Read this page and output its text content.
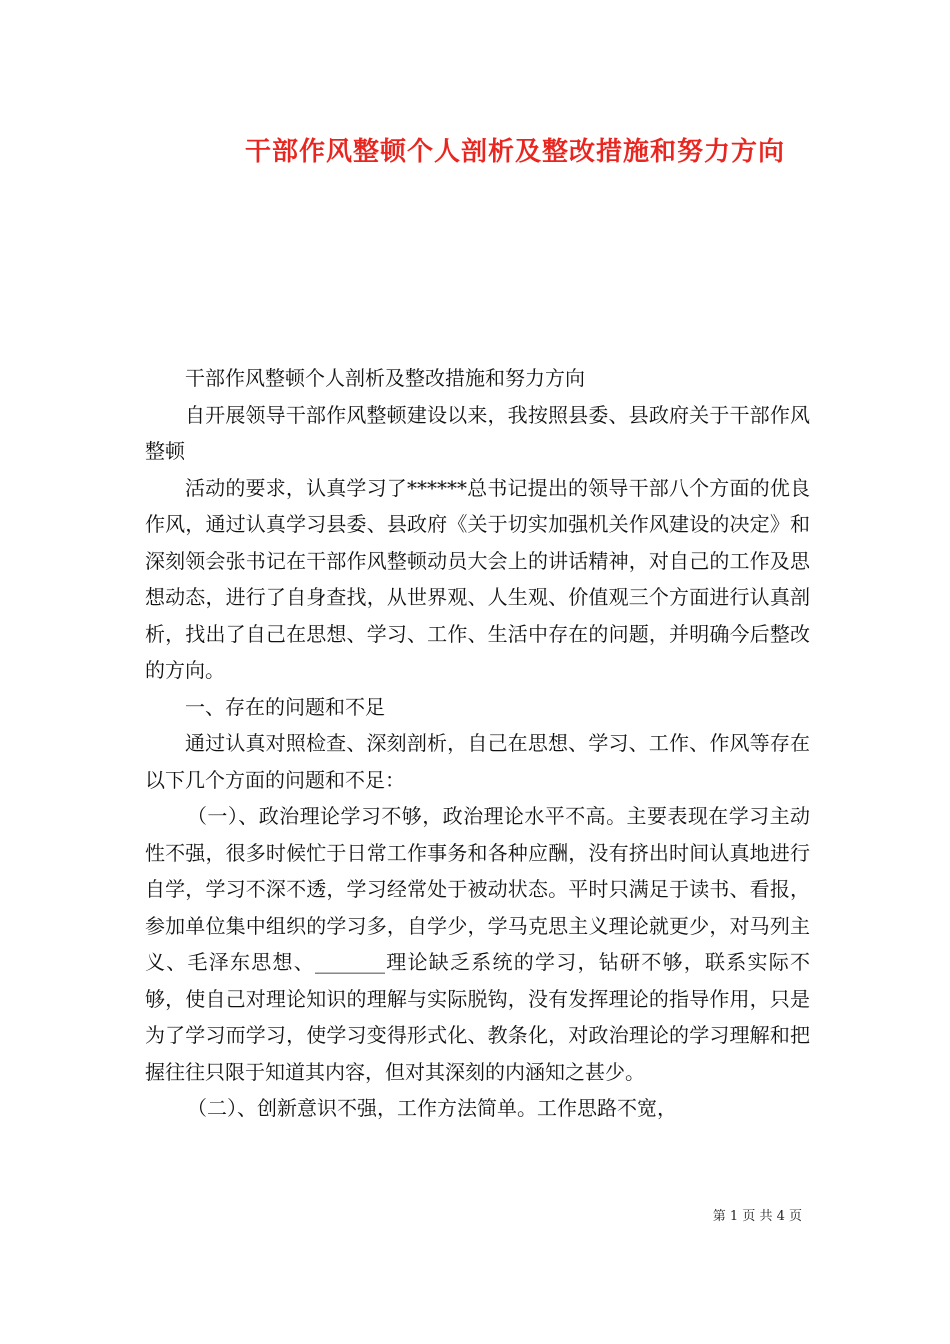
干部作风整顿个人剖析及整改措施和努力方向

干部作风整顿个人剖析及整改措施和努力方向

自开展领导干部作风整顿建设以来，我按照县委、县政府关于干部作风整顿

活动的要求，认真学习了******总书记提出的领导干部八个方面的优良作风，通过认真学习县委、县政府《关于切实加强机关作风建设的决定》和深刻领会张书记在干部作风整顿动员大会上的讲话精神，对自己的工作及思想动态，进行了自身查找，从世界观、人生观、价值观三个方面进行认真剖析，找出了自己在思想、学习、工作、生活中存在的问题，并明确今后整改的方向。

一、存在的问题和不足

通过认真对照检查、深刻剖析，自己在思想、学习、工作、作风等存在以下几个方面的问题和不足：

（一）、政治理论学习不够，政治理论水平不高。主要表现在学习主动性不强，很多时候忙于日常工作事务和各种应酬，没有挤出时间认真地进行自学，学习不深不透，学习经常处于被动状态。平时只满足于读书、看报，参加单位集中组织的学习多，自学少，学马克思主义理论就更少，对马列主义、毛泽东思想、_______理论缺乏系统的学习，钻研不够，联系实际不够，使自己对理论知识的理解与实际脱钩，没有发挥理论的指导作用，只是为了学习而学习，使学习变得形式化、教条化，对政治理论的学习理解和把握往往只限于知道其内容，但对其深刻的内涵知之甚少。

（二）、创新意识不强，工作方法简单。工作思路不宽，

第 1 页 共 4 页
